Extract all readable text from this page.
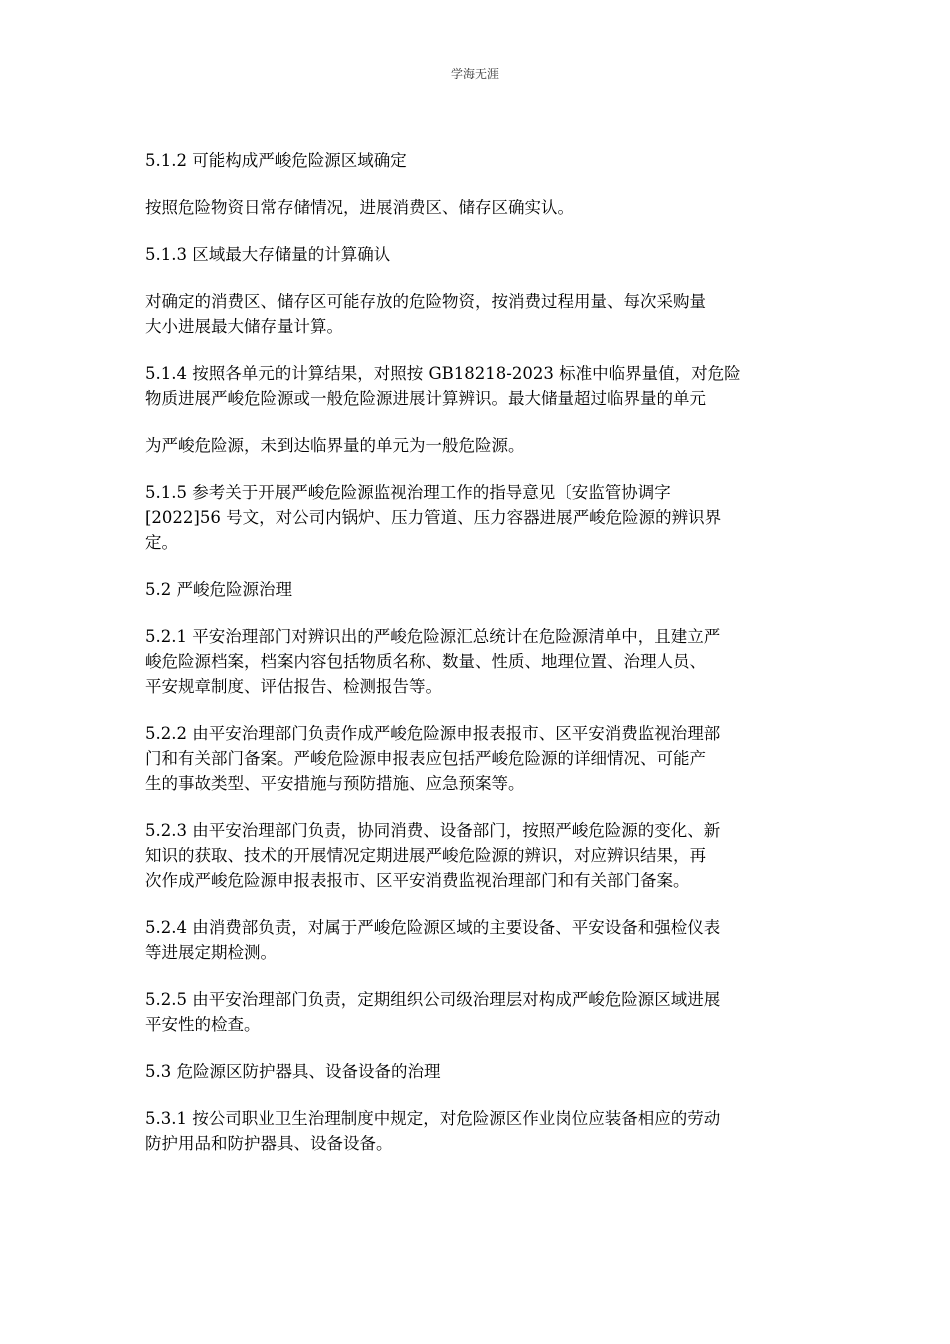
学海无涯

5.1.2 可能构成严峻危险源区域确定

按照危险物资日常存储情况，进展消费区、储存区确实认。

5.1.3 区域最大存储量的计算确认

对确定的消费区、储存区可能存放的危险物资，按消费过程用量、每次采购量
大小进展最大储存量计算。

5.1.4 按照各单元的计算结果，对照按 GB18218-2023 标准中临界量值，对危险
物质进展严峻危险源或一般危险源进展计算辨识。最大储量超过临界量的单元

为严峻危险源，未到达临界量的单元为一般危险源。

5.1.5 参考关于开展严峻危险源监视治理工作的指导意见〔安监管协调字
[2022]56 号文，对公司内锅炉、压力管道、压力容器进展严峻危险源的辨识界
定。

5.2 严峻危险源治理

5.2.1 平安治理部门对辨识出的严峻危险源汇总统计在危险源清单中，且建立严
峻危险源档案，档案内容包括物质名称、数量、性质、地理位置、治理人员、
平安规章制度、评估报告、检测报告等。

5.2.2 由平安治理部门负责作成严峻危险源申报表报市、区平安消费监视治理部
门和有关部门备案。严峻危险源申报表应包括严峻危险源的详细情况、可能产
生的事故类型、平安措施与预防措施、应急预案等。

5.2.3 由平安治理部门负责，协同消费、设备部门，按照严峻危险源的变化、新
知识的获取、技术的开展情况定期进展严峻危险源的辨识，对应辨识结果，再
次作成严峻危险源申报表报市、区平安消费监视治理部门和有关部门备案。

5.2.4 由消费部负责，对属于严峻危险源区域的主要设备、平安设备和强检仪表
等进展定期检测。

5.2.5 由平安治理部门负责，定期组织公司级治理层对构成严峻危险源区域进展
平安性的检查。

5.3 危险源区防护器具、设备设备的治理

5.3.1 按公司职业卫生治理制度中规定，对危险源区作业岗位应装备相应的劳动
防护用品和防护器具、设备设备。
